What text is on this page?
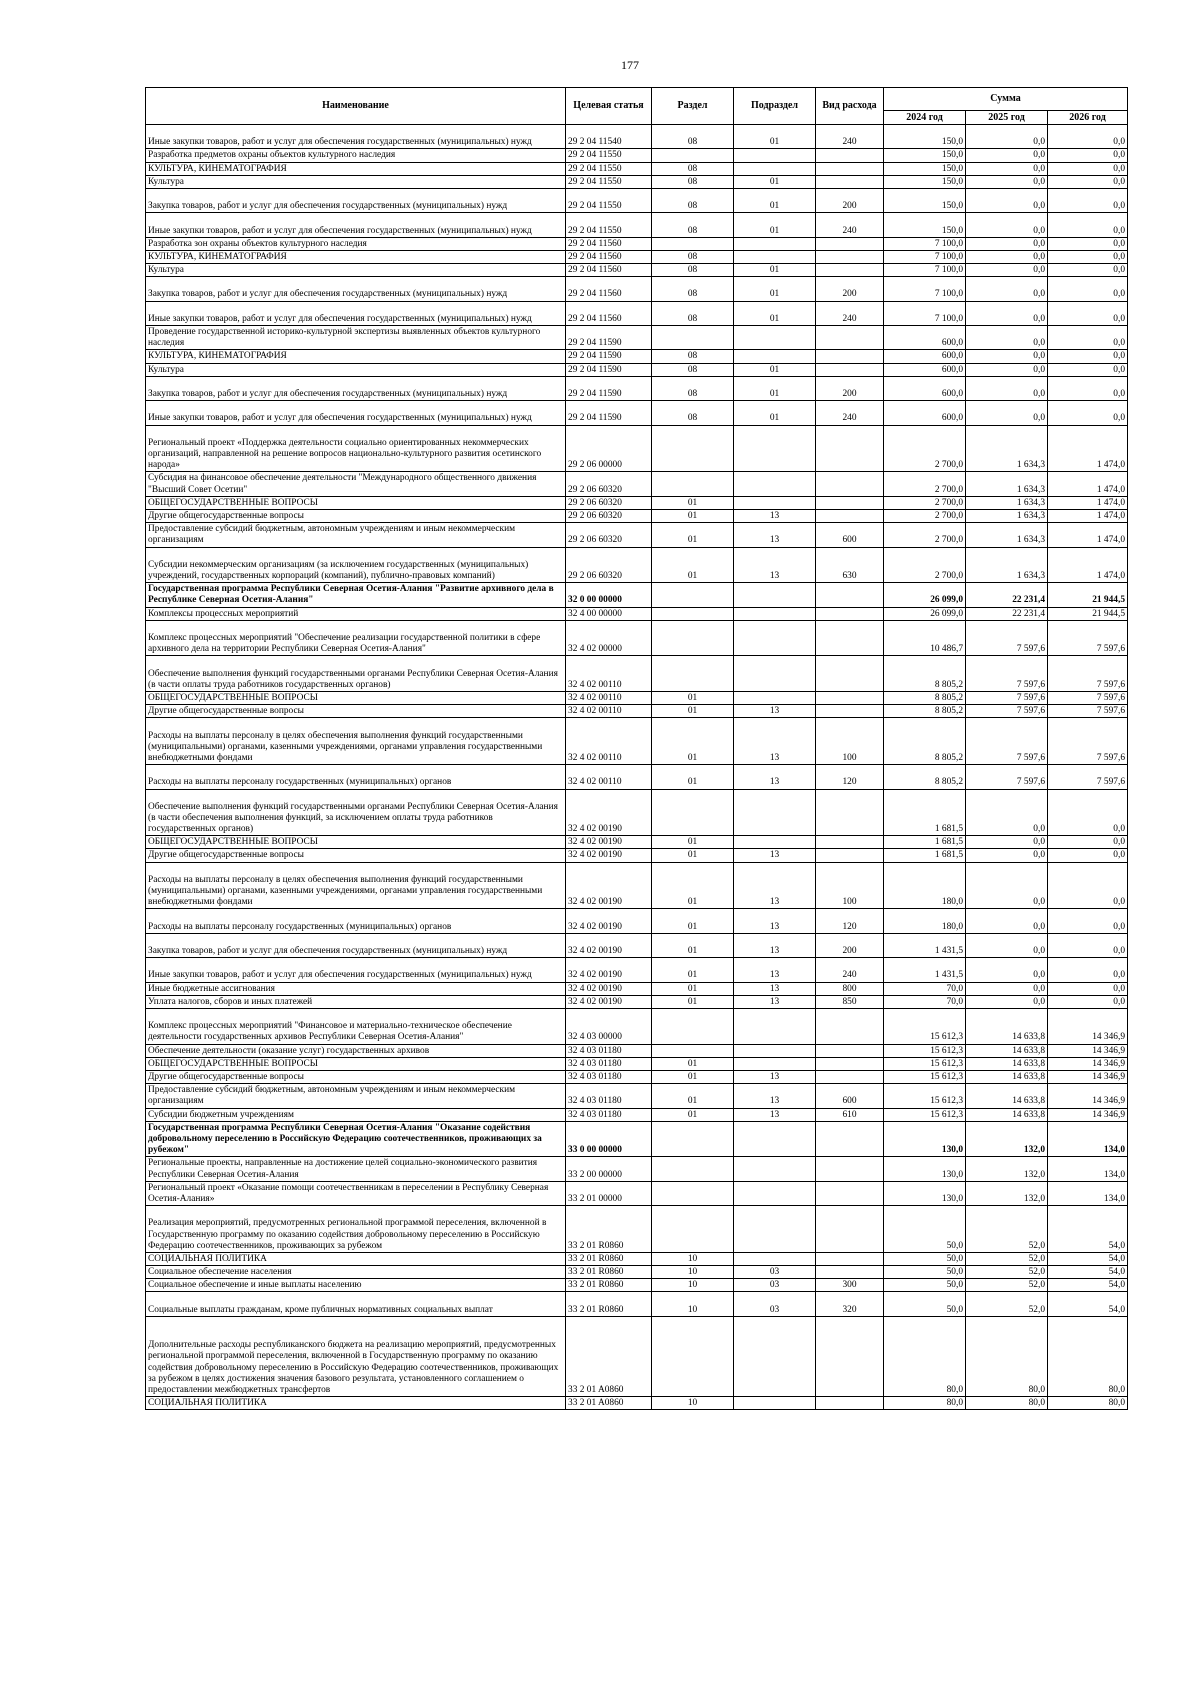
177
Наименование	Целевая статья	Раздел	Подраздел	Вид расхода	Сумма		
					2024 год	2025 год	2026 год
Иные закупки товаров, работ и услуг для обеспечения государственных (муниципальных) нужд	29 2 04 11540	08	01	240	150,0	0,0	0,0
Разработка предметов охраны объектов культурного наследия	29 2 04 11550				150,0	0,0	0,0
КУЛЬТУРА, КИНЕМАТОГРАФИЯ	29 2 04 11550	08			150,0	0,0	0,0
Культура	29 2 04 11550	08	01		150,0	0,0	0,0
Закупка товаров, работ и услуг для обеспечения государственных (муниципальных) нужд	29 2 04 11550	08	01	200	150,0	0,0	0,0
Иные закупки товаров, работ и услуг для обеспечения государственных (муниципальных) нужд	29 2 04 11550	08	01	240	150,0	0,0	0,0
Разработка зон охраны объектов культурного наследия	29 2 04 11560				7 100,0	0,0	0,0
КУЛЬТУРА, КИНЕМАТОГРАФИЯ	29 2 04 11560	08			7 100,0	0,0	0,0
Культура	29 2 04 11560	08	01		7 100,0	0,0	0,0
Закупка товаров, работ и услуг для обеспечения государственных (муниципальных) нужд	29 2 04 11560	08	01	200	7 100,0	0,0	0,0
Иные закупки товаров, работ и услуг для обеспечения государственных (муниципальных) нужд	29 2 04 11560	08	01	240	7 100,0	0,0	0,0
Проведение государственной историко-культурной экспертизы выявленных объектов культурного наследия	29 2 04 11590				600,0	0,0	0,0
КУЛЬТУРА, КИНЕМАТОГРАФИЯ	29 2 04 11590	08			600,0	0,0	0,0
Культура	29 2 04 11590	08	01		600,0	0,0	0,0
Закупка товаров, работ и услуг для обеспечения государственных (муниципальных) нужд	29 2 04 11590	08	01	200	600,0	0,0	0,0
Иные закупки товаров, работ и услуг для обеспечения государственных (муниципальных) нужд	29 2 04 11590	08	01	240	600,0	0,0	0,0
Региональный проект «Поддержка деятельности социально ориентированных некоммерческих организаций, направленной на решение вопросов национально-культурного развития осетинского народа»	29 2 06 00000				2 700,0	1 634,3	1 474,0
Субсидия на финансовое обеспечение деятельности "Международного общественного движения "Высший Совет Осетии"	29 2 06 60320				2 700,0	1 634,3	1 474,0
ОБЩЕГОСУДАРСТВЕННЫЕ ВОПРОСЫ	29 2 06 60320	01			2 700,0	1 634,3	1 474,0
Другие общегосударственные вопросы	29 2 06 60320	01	13		2 700,0	1 634,3	1 474,0
Предоставление субсидий бюджетным, автономным учреждениям и иным некоммерческим организациям	29 2 06 60320	01	13	600	2 700,0	1 634,3	1 474,0
Субсидии некоммерческим организациям (за исключением государственных (муниципальных) учреждений, государственных корпораций (компаний), публично-правовых компаний)	29 2 06 60320	01	13	630	2 700,0	1 634,3	1 474,0
Государственная программа Республики Северная Осетия-Алания "Развитие архивного дела в Республике Северная Осетия-Алания"	32 0 00 00000				26 099,0	22 231,4	21 944,5
Комплексы процессных мероприятий	32 4 00 00000				26 099,0	22 231,4	21 944,5
Комплекс процессных мероприятий "Обеспечение реализации государственной политики в сфере архивного дела на территории Республики Северная Осетия-Алания"	32 4 02 00000				10 486,7	7 597,6	7 597,6
Обеспечение выполнения функций государственными органами Республики Северная Осетия-Алания (в части оплаты труда работников государственных органов)	32 4 02 00110				8 805,2	7 597,6	7 597,6
ОБЩЕГОСУДАРСТВЕННЫЕ ВОПРОСЫ	32 4 02 00110	01			8 805,2	7 597,6	7 597,6
Другие общегосударственные вопросы	32 4 02 00110	01	13		8 805,2	7 597,6	7 597,6
Расходы на выплаты персоналу в целях обеспечения выполнения функций государственными (муниципальными) органами, казенными учреждениями, органами управления государственными внебюджетными фондами	32 4 02 00110	01	13	100	8 805,2	7 597,6	7 597,6
Расходы на выплаты персоналу государственных (муниципальных) органов	32 4 02 00110	01	13	120	8 805,2	7 597,6	7 597,6
Обеспечение выполнения функций государственными органами Республики Северная Осетия-Алания (в части обеспечения выполнения функций, за исключением оплаты труда работников государственных органов)	32 4 02 00190				1 681,5	0,0	0,0
ОБЩЕГОСУДАРСТВЕННЫЕ ВОПРОСЫ	32 4 02 00190	01			1 681,5	0,0	0,0
Другие общегосударственные вопросы	32 4 02 00190	01	13		1 681,5	0,0	0,0
Расходы на выплаты персоналу в целях обеспечения выполнения функций государственными (муниципальными) органами, казенными учреждениями, органами управления государственными внебюджетными фондами	32 4 02 00190	01	13	100	180,0	0,0	0,0
Расходы на выплаты персоналу государственных (муниципальных) органов	32 4 02 00190	01	13	120	180,0	0,0	0,0
Закупка товаров, работ и услуг для обеспечения государственных (муниципальных) нужд	32 4 02 00190	01	13	200	1 431,5	0,0	0,0
Иные закупки товаров, работ и услуг для обеспечения государственных (муниципальных) нужд	32 4 02 00190	01	13	240	1 431,5	0,0	0,0
Иные бюджетные ассигнования	32 4 02 00190	01	13	800	70,0	0,0	0,0
Уплата налогов, сборов и иных платежей	32 4 02 00190	01	13	850	70,0	0,0	0,0
Комплекс процессных мероприятий "Финансовое и материально-техническое обеспечение деятельности государственных архивов Республики Северная Осетия-Алания"	32 4 03 00000				15 612,3	14 633,8	14 346,9
Обеспечение деятельности (оказание услуг) государственных архивов	32 4 03 01180				15 612,3	14 633,8	14 346,9
ОБЩЕГОСУДАРСТВЕННЫЕ ВОПРОСЫ	32 4 03 01180	01			15 612,3	14 633,8	14 346,9
Другие общегосударственные вопросы	32 4 03 01180	01	13		15 612,3	14 633,8	14 346,9
Предоставление субсидий бюджетным, автономным учреждениям и иным некоммерческим организациям	32 4 03 01180	01	13	600	15 612,3	14 633,8	14 346,9
Субсидии бюджетным учреждениям	32 4 03 01180	01	13	610	15 612,3	14 633,8	14 346,9
Государственная программа Республики Северная Осетия-Алания "Оказание содействия добровольному переселению в Российскую Федерацию соотечественников, проживающих за рубежом"	33 0 00 00000				130,0	132,0	134,0
Региональные проекты, направленные на достижение целей социально-экономического развития Республики Северная Осетия-Алания	33 2 00 00000				130,0	132,0	134,0
Региональный проект «Оказание помощи соотечественникам в переселении в Республику Северная Осетия-Алания»	33 2 01 00000				130,0	132,0	134,0
Реализация мероприятий, предусмотренных региональной программой переселения, включенной в Государственную программу по оказанию содействия добровольному переселению в Российскую Федерацию соотечественников, проживающих за рубежом	33 2 01 R0860				50,0	52,0	54,0
СОЦИАЛЬНАЯ ПОЛИТИКА	33 2 01 R0860	10			50,0	52,0	54,0
Социальное обеспечение населения	33 2 01 R0860	10	03		50,0	52,0	54,0
Социальное обеспечение и иные выплаты населению	33 2 01 R0860	10	03	300	50,0	52,0	54,0
Социальные выплаты гражданам, кроме публичных нормативных социальных выплат	33 2 01 R0860	10	03	320	50,0	52,0	54,0
Дополнительные расходы республиканского бюджета на реализацию мероприятий, предусмотренных региональной программой переселения, включенной в Государственную программу по оказанию содействия добровольному переселению в Российскую Федерацию соотечественников, проживающих за рубежом в целях достижения значения базового результата, установленного соглашением о предоставлении межбюджетных трансфертов	33 2 01 A0860				80,0	80,0	80,0
СОЦИАЛЬНАЯ ПОЛИТИКА	33 2 01 A0860	10			80,0	80,0	80,0
